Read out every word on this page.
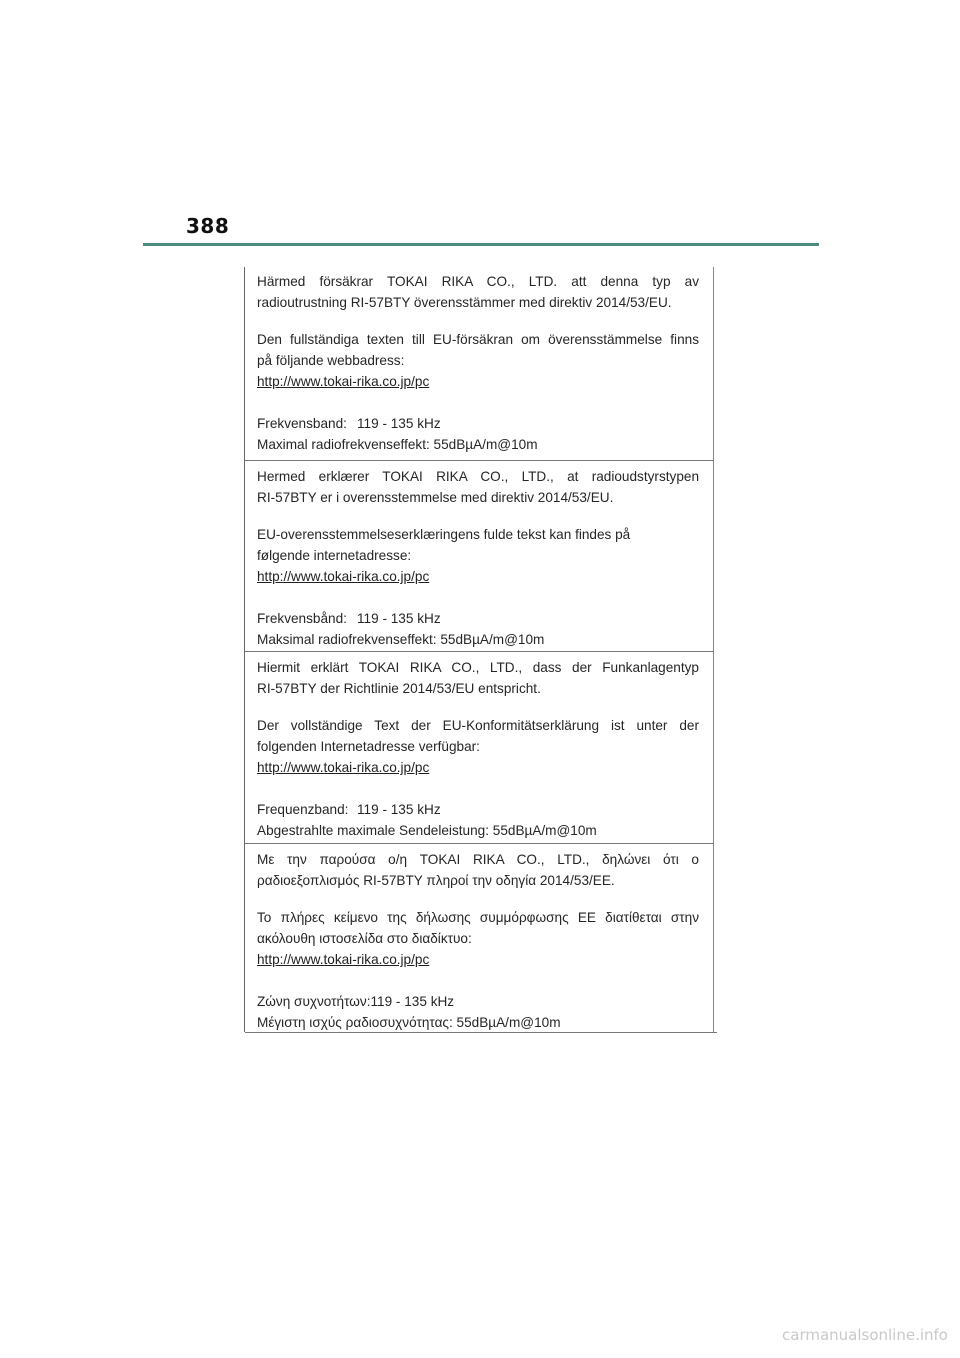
388

Härmed försäkrar TOKAI RIKA CO., LTD. att denna typ av

radioutrustning RI-57BTY överensstämmer med direktiv 2014/53/EU.

Den fullständiga texten till EU-försäkran om överensstämmelse finns

på följande webbadress:

http://www.tokai-rika.co.jp/pc

Frekvensband: 119 - 135 kHz

Maximal radiofrekvenseffekt: 55dBµA/m@10m

Hermed erklærer TOKAI RIKA CO., LTD., at radioudstyrstypen

RI-57BTY er i overensstemmelse med direktiv 2014/53/EU.

EU-overensstemmelseserklæringens fulde tekst kan findes på

følgende internetadresse:

http://www.tokai-rika.co.jp/pc

Frekvensbånd: 119 - 135 kHz

Maksimal radiofrekvenseffekt: 55dBµA/m@10m

Hiermit erklärt TOKAI RIKA CO., LTD., dass der Funkanlagentyp

RI-57BTY der Richtlinie 2014/53/EU entspricht.

Der vollständige Text der EU-Konformitätserklärung ist unter der

folgenden Internetadresse verfügbar:

http://www.tokai-rika.co.jp/pc

Frequenzband: 119 - 135 kHz

Abgestrahlte maximale Sendeleistung: 55dBµA/m@10m

Με την παρούσα ο/η TOKAI RIKA CO., LTD., δηλώνει ότι ο

ραδιοεξοπλισμός RI-57BTY πληροί την οδηγία 2014/53/ΕΕ.

Το πλήρες κείμενο της δήλωσης συμμόρφωσης ΕΕ διατίθεται στην

ακόλουθη ιστοσελίδα στο διαδίκτυο:

http://www.tokai-rika.co.jp/pc

Ζώνη συχνοτήτων:119 - 135 kHz

Μέγιστη ισχύς ραδιοσυχνότητας: 55dBµA/m@10m

carmanualsonline.info
